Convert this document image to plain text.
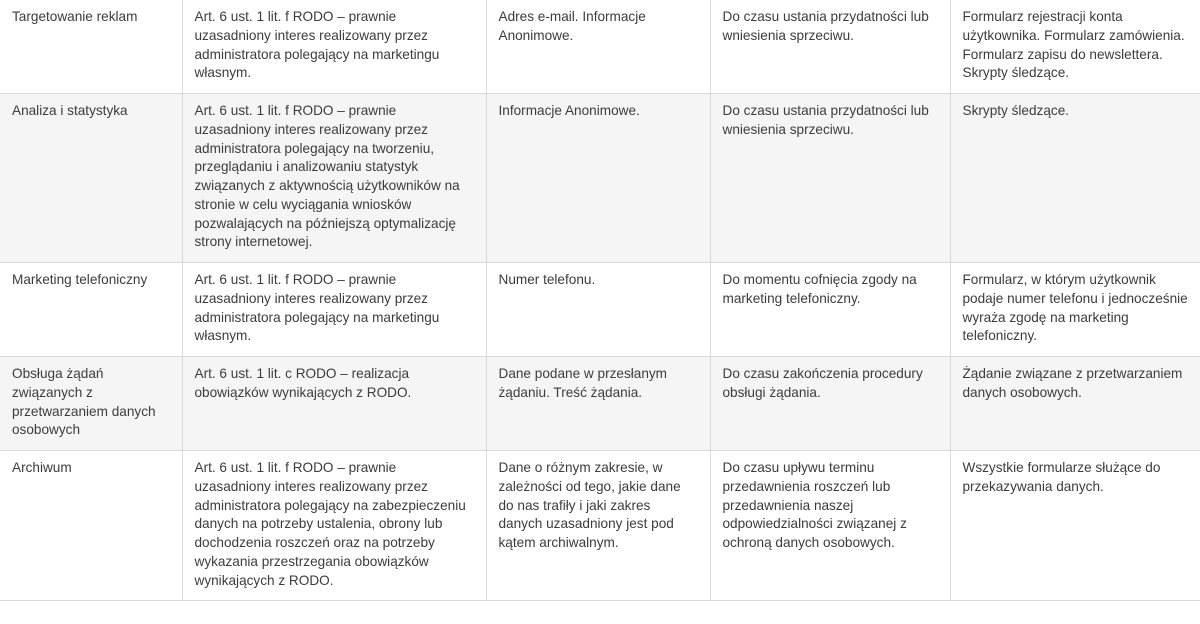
Targetowanie reklam	Art. 6 ust. 1 lit. f RODO – prawnie uzasadniony interes realizowany przez administratora polegający na marketingu własnym.	Adres e-mail. Informacje Anonimowe.	Do czasu ustania przydatności lub wniesienia sprzeciwu.	Formularz rejestracji konta użytkownika. Formularz zamówienia. Formularz zapisu do newslettera. Skrypty śledzące.

Analiza i statystyka	Art. 6 ust. 1 lit. f RODO – prawnie uzasadniony interes realizowany przez administratora polegający na tworzeniu, przeglądaniu i analizowaniu statystyk związanych z aktywnością użytkowników na stronie w celu wyciągania wniosków pozwalających na późniejszą optymalizację strony internetowej.	Informacje Anonimowe.	Do czasu ustania przydatności lub wniesienia sprzeciwu.	Skrypty śledzące.

Marketing telefoniczny	Art. 6 ust. 1 lit. f RODO – prawnie uzasadniony interes realizowany przez administratora polegający na marketingu własnym.	Numer telefonu.	Do momentu cofnięcia zgody na marketing telefoniczny.	Formularz, w którym użytkownik podaje numer telefonu i jednocześnie wyraża zgodę na marketing telefoniczny.

Obsługa żądań związanych z przetwarzaniem danych osobowych	Art. 6 ust. 1 lit. c RODO – realizacja obowiązków wynikających z RODO.	Dane podane w przesłanym żądaniu. Treść żądania.	Do czasu zakończenia procedury obsługi żądania.	Żądanie związane z przetwarzaniem danych osobowych.

Archiwum	Art. 6 ust. 1 lit. f RODO – prawnie uzasadniony interes realizowany przez administratora polegający na zabezpieczeniu danych na potrzeby ustalenia, obrony lub dochodzenia roszczeń oraz na potrzeby wykazania przestrzegania obowiązków wynikających z RODO.	Dane o różnym zakresie, w zależności od tego, jakie dane do nas trafiły i jaki zakres danych uzasadniony jest pod kątem archiwalnym.	Do czasu upływu terminu przedawnienia roszczeń lub przedawnienia naszej odpowiedzialności związanej z ochroną danych osobowych.	Wszystkie formularze służące do przekazywania danych.
